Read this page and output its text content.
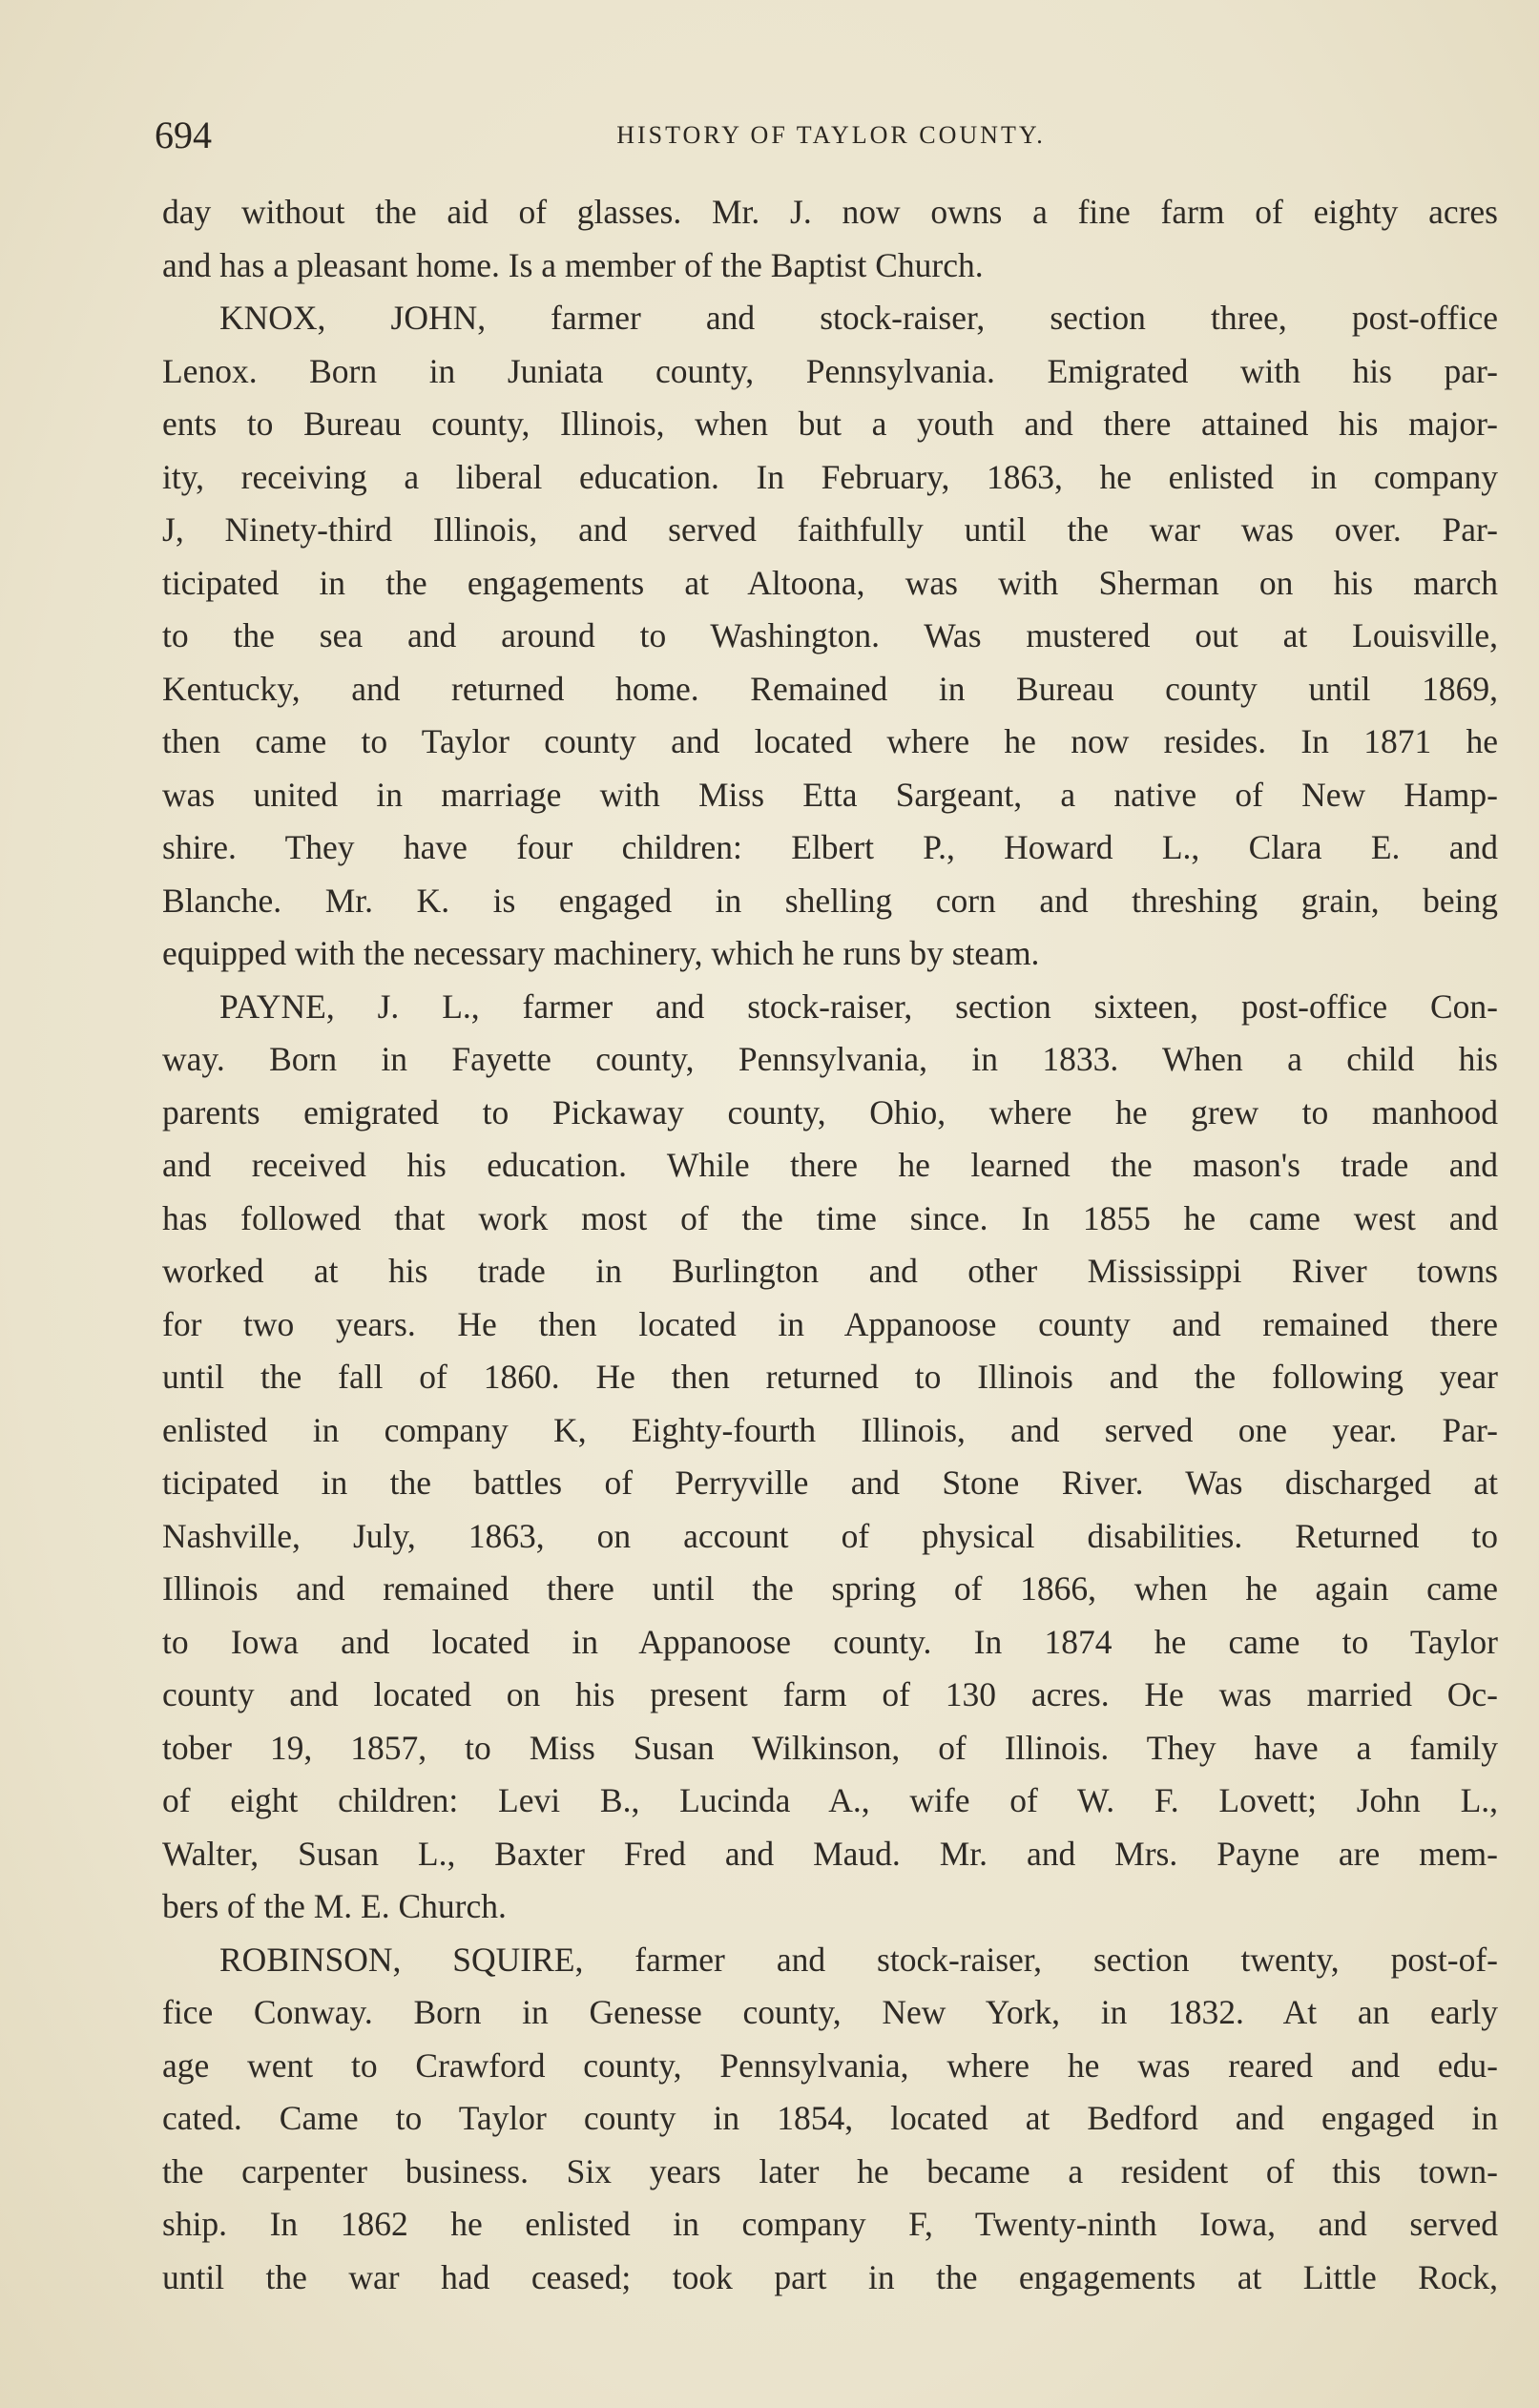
694	HISTORY OF TAYLOR COUNTY.
day without the aid of glasses. Mr. J. now owns a fine farm of eighty acres
and has a pleasant home. Is a member of the Baptist Church.
KNOX, JOHN, farmer and stock-raiser, section three, post-office
Lenox. Born in Juniata county, Pennsylvania. Emigrated with his par-
ents to Bureau county, Illinois, when but a youth and there attained his major-
ity, receiving a liberal education. In February, 1863, he enlisted in company
J, Ninety-third Illinois, and served faithfully until the war was over. Par-
ticipated in the engagements at Altoona, was with Sherman on his march
to the sea and around to Washington. Was mustered out at Louisville,
Kentucky, and returned home. Remained in Bureau county until 1869,
then came to Taylor county and located where he now resides. In 1871 he
was united in marriage with Miss Etta Sargeant, a native of New Hamp-
shire. They have four children: Elbert P., Howard L., Clara E. and
Blanche. Mr. K. is engaged in shelling corn and threshing grain, being
equipped with the necessary machinery, which he runs by steam.
PAYNE, J. L., farmer and stock-raiser, section sixteen, post-office Con-
way. Born in Fayette county, Pennsylvania, in 1833. When a child his
parents emigrated to Pickaway county, Ohio, where he grew to manhood
and received his education. While there he learned the mason's trade and
has followed that work most of the time since. In 1855 he came west and
worked at his trade in Burlington and other Mississippi River towns
for two years. He then located in Appanoose county and remained there
until the fall of 1860. He then returned to Illinois and the following year
enlisted in company K, Eighty-fourth Illinois, and served one year. Par-
ticipated in the battles of Perryville and Stone River. Was discharged at
Nashville, July, 1863, on account of physical disabilities. Returned to
Illinois and remained there until the spring of 1866, when he again came
to Iowa and located in Appanoose county. In 1874 he came to Taylor
county and located on his present farm of 130 acres. He was married Oc-
tober 19, 1857, to Miss Susan Wilkinson, of Illinois. They have a family
of eight children: Levi B., Lucinda A., wife of W. F. Lovett; John L.,
Walter, Susan L., Baxter Fred and Maud. Mr. and Mrs. Payne are mem-
bers of the M. E. Church.
ROBINSON, SQUIRE, farmer and stock-raiser, section twenty, post-of-
fice Conway. Born in Genesse county, New York, in 1832. At an early
age went to Crawford county, Pennsylvania, where he was reared and edu-
cated. Came to Taylor county in 1854, located at Bedford and engaged in
the carpenter business. Six years later he became a resident of this town-
ship. In 1862 he enlisted in company F, Twenty-ninth Iowa, and served
until the war had ceased; took part in the engagements at Little Rock,
